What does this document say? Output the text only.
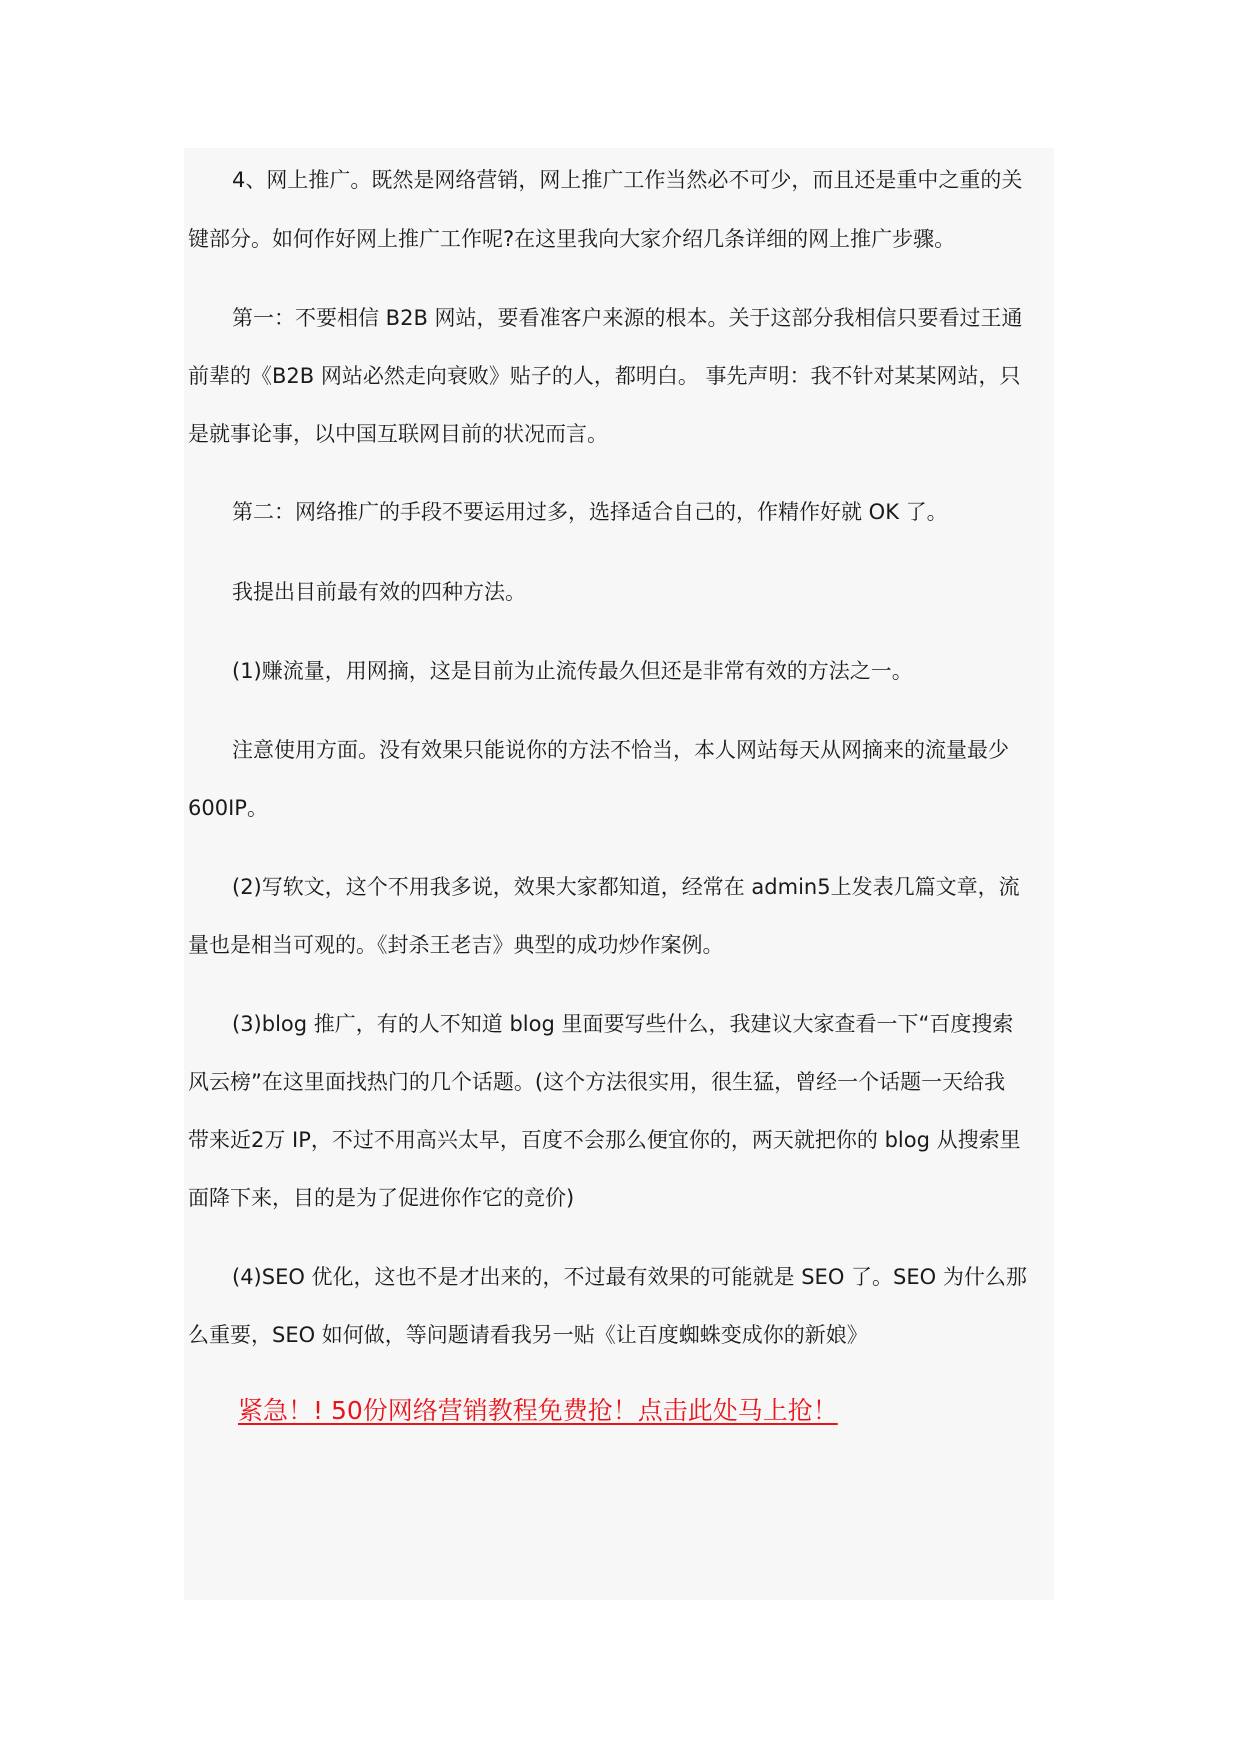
4、网上推广。既然是网络营销，网上推广工作当然必不可少，而且还是重中之重的关
键部分。如何作好网上推广工作呢?在这里我向大家介绍几条详细的网上推广步骤。
第一：不要相信 B2B 网站，要看准客户来源的根本。关于这部分我相信只要看过王通
前辈的《B2B 网站必然走向衰败》贴子的人，都明白。 事先声明：我不针对某某网站，只
是就事论事，以中国互联网目前的状况而言。
第二：网络推广的手段不要运用过多，选择适合自己的，作精作好就 OK 了。
我提出目前最有效的四种方法。
(1)赚流量，用网摘，这是目前为止流传最久但还是非常有效的方法之一。
注意使用方面。没有效果只能说你的方法不恰当，本人网站每天从网摘来的流量最少
600IP。
(2)写软文，这个不用我多说，效果大家都知道，经常在 admin5上发表几篇文章，流
量也是相当可观的。《封杀王老吉》典型的成功炒作案例。
(3)blog 推广，有的人不知道 blog 里面要写些什么，我建议大家查看一下“百度搜索
风云榜”在这里面找热门的几个话题。(这个方法很实用，很生猛，曾经一个话题一天给我
带来近2万 IP，不过不用高兴太早，百度不会那么便宜你的，两天就把你的 blog 从搜索里
面降下来，目的是为了促进你作它的竞价)
(4)SEO 优化，这也不是才出来的，不过最有效果的可能就是 SEO 了。SEO 为什么那
么重要，SEO 如何做，等问题请看我另一贴《让百度蜘蛛变成你的新娘》
紧急！! 50份网络营销教程免费抢！点击此处马上抢！
